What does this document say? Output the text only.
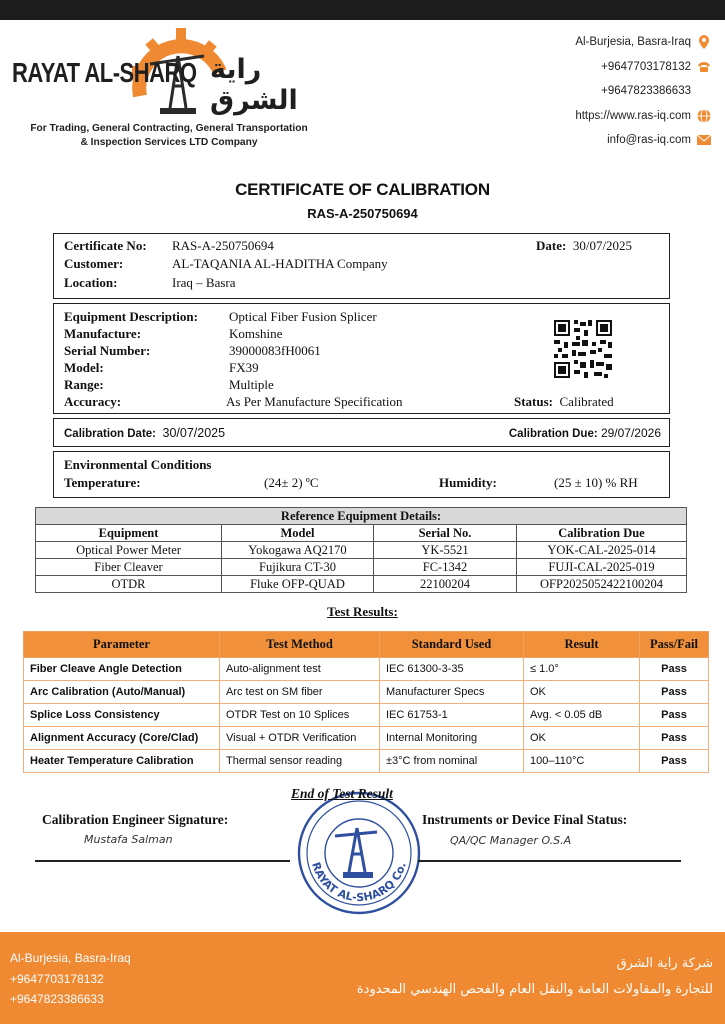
RAYAT AL-SHARQ راية الشرق
For Trading, General Contracting, General Transportation
& Inspection Services LTD Company
Al-Burjesia, Basra-Iraq
+9647703178132
+9647823386633
https://www.ras-iq.com
info@ras-iq.com
CERTIFICATE OF CALIBRATION
RAS-A-250750694
Certificate No: RAS-A-250750694	Date: 30/07/2025
Customer:	AL-TAQANIA AL-HADITHA Company
Location:	Iraq – Basra
Equipment Description: Optical Fiber Fusion Splicer
Manufacture:	Komshine
Serial Number:	39000083fH0061
Model:	FX39
Range:	Multiple
Accuracy:	As Per Manufacture Specification	Status: Calibrated
Calibration Date: 30/07/2025	Calibration Due: 29/07/2026
Environmental Conditions
Temperature:	(24± 2) ºC	Humidity:	(25 ± 10) % RH
Reference Equipment Details:			
Equipment	Model	Serial No.	Calibration Due
Optical Power Meter	Yokogawa AQ2170	YK-5521	YOK-CAL-2025-014
Fiber Cleaver	Fujikura CT-30	FC-1342	FUJI-CAL-2025-019
OTDR	Fluke OFP-QUAD	22100204	OFP2025052422100204
Test Results:
Parameter	Test Method	Standard Used	Result	Pass/Fail
Fiber Cleave Angle Detection	Auto-alignment test	IEC 61300-3-35	≤ 1.0°	Pass
Arc Calibration (Auto/Manual)	Arc test on SM fiber	Manufacturer Specs	OK	Pass
Splice Loss Consistency	OTDR Test on 10 Splices	IEC 61753-1	Avg. < 0.05 dB	Pass
Alignment Accuracy (Core/Clad)	Visual + OTDR Verification	Internal Monitoring	OK	Pass
Heater Temperature Calibration	Thermal sensor reading	±3°C from nominal	100–110°C	Pass
RAYAT AL-SHARQ Co.
End of Test Result
Calibration Engineer Signature:	Instruments or Device Final Status:
Mustafa Salman	QA/QC Manager O.S.A
Al-Burjesia, Basra-Iraq
+9647703178132
+9647823386633
شركة راية الشرق
للتجارة والمقاولات العامة والنقل العام والفحص الهندسي المحدودة
